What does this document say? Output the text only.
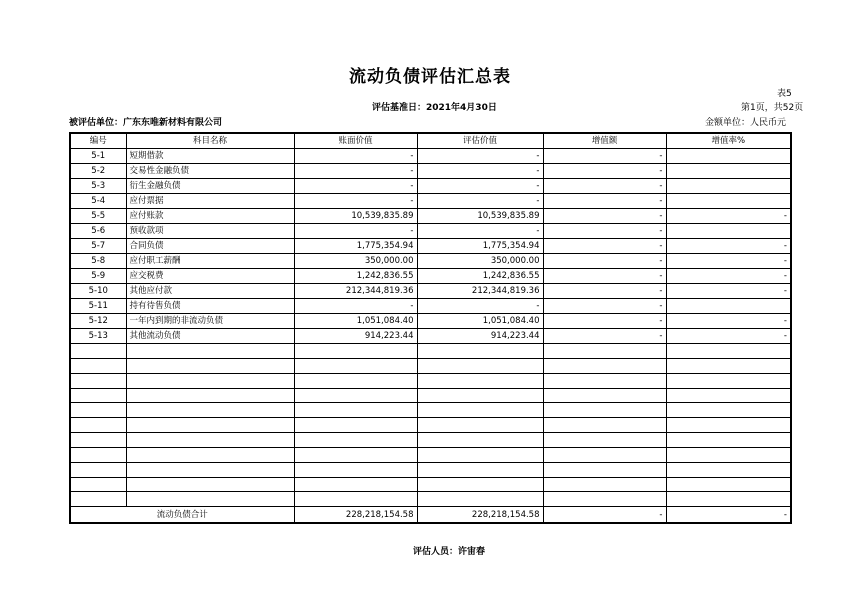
流动负债评估汇总表
表5
评估基准日：2021年4月30日	第1页，共52页
被评估单位：广东东唯新材料有限公司	金额单位：人民币元
编号	科目名称	账面价值	评估价值	增值额	增值率%
5-1	短期借款	-	-	-	
5-2	交易性金融负债	-	-	-	
5-3	衍生金融负债	-	-	-	
5-4	应付票据	-	-	-	
5-5	应付账款	10,539,835.89	10,539,835.89	-	-
5-6	预收款项	-	-	-	
5-7	合同负债	1,775,354.94	1,775,354.94	-	-
5-8	应付职工薪酬	350,000.00	350,000.00	-	-
5-9	应交税费	1,242,836.55	1,242,836.55	-	-
5-10	其他应付款	212,344,819.36	212,344,819.36	-	-
5-11	持有待售负债	-	-	-	
5-12	一年内到期的非流动负债	1,051,084.40	1,051,084.40	-	-
5-13	其他流动负债	914,223.44	914,223.44	-	-

流动负债合计		228,218,154.58	228,218,154.58	-	-
评估人员：许宙春
